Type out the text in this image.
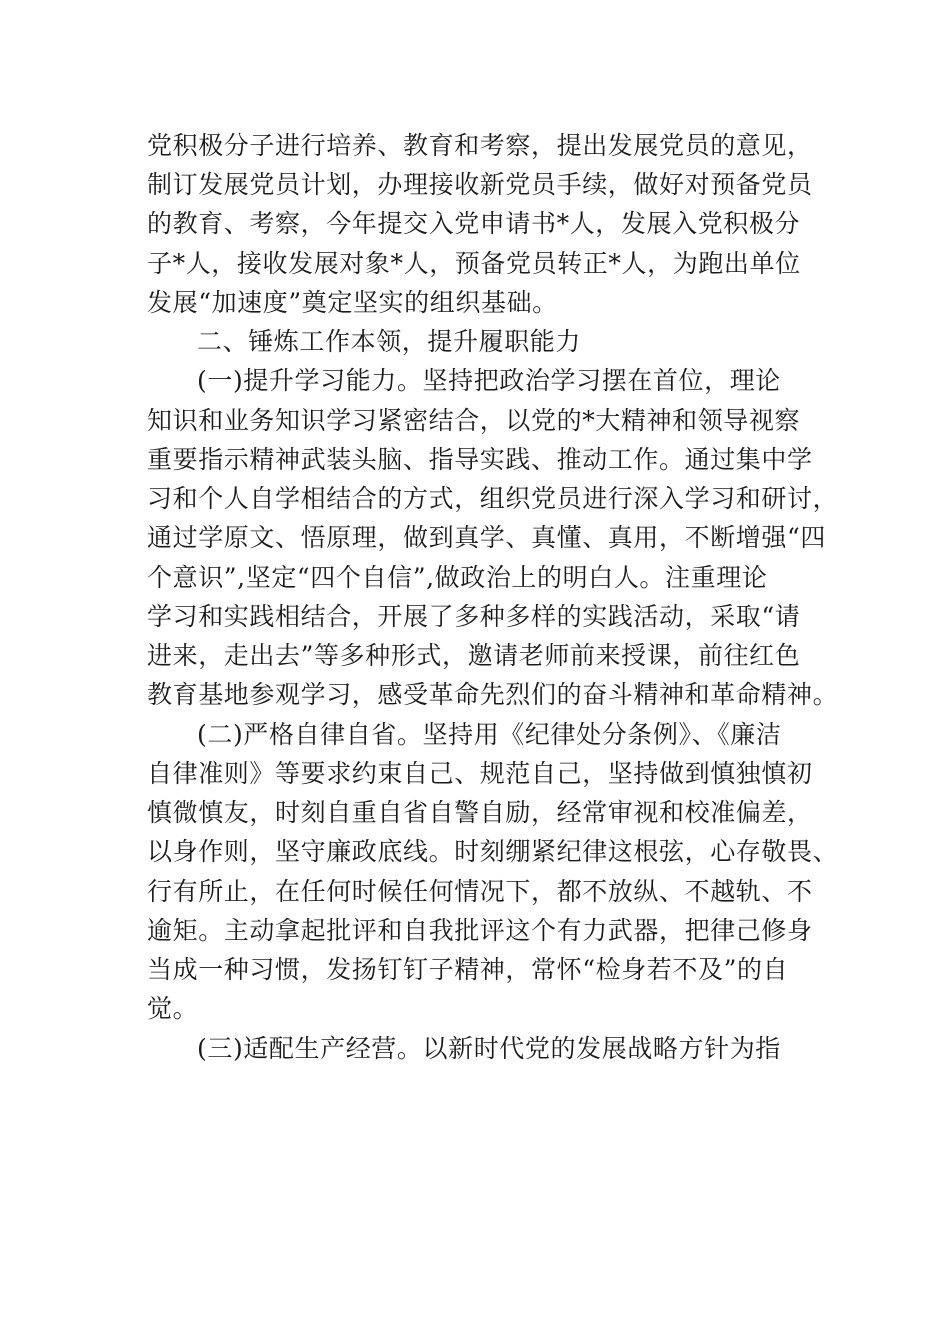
党积极分子进行培养、教育和考察，提出发展党员的意见，
制订发展党员计划，办理接收新党员手续，做好对预备党员
的教育、考察，今年提交入党申请书*人，发展入党积极分
子*人，接收发展对象*人，预备党员转正*人，为跑出单位
发展“加速度”奠定坚实的组织基础。
二、锤炼工作本领，提升履职能力
(一)提升学习能力。坚持把政治学习摆在首位，理论
知识和业务知识学习紧密结合，以党的*大精神和领导视察
重要指示精神武装头脑、指导实践、推动工作。通过集中学
习和个人自学相结合的方式，组织党员进行深入学习和研讨，
通过学原文、悟原理，做到真学、真懂、真用，不断增强“四
个意识”,坚定“四个自信”,做政治上的明白人。注重理论
学习和实践相结合，开展了多种多样的实践活动，采取“请
进来，走出去”等多种形式，邀请老师前来授课，前往红色
教育基地参观学习，感受革命先烈们的奋斗精神和革命精神。
(二)严格自律自省。坚持用《纪律处分条例》、《廉洁
自律准则》等要求约束自己、规范自己，坚持做到慎独慎初
慎微慎友，时刻自重自省自警自励，经常审视和校准偏差，
以身作则，坚守廉政底线。时刻绷紧纪律这根弦，心存敬畏、
行有所止，在任何时候任何情况下，都不放纵、不越轨、不
逾矩。主动拿起批评和自我批评这个有力武器，把律己修身
当成一种习惯，发扬钉钉子精神，常怀“检身若不及”的自
觉。
(三)适配生产经营。以新时代党的发展战略方针为指
